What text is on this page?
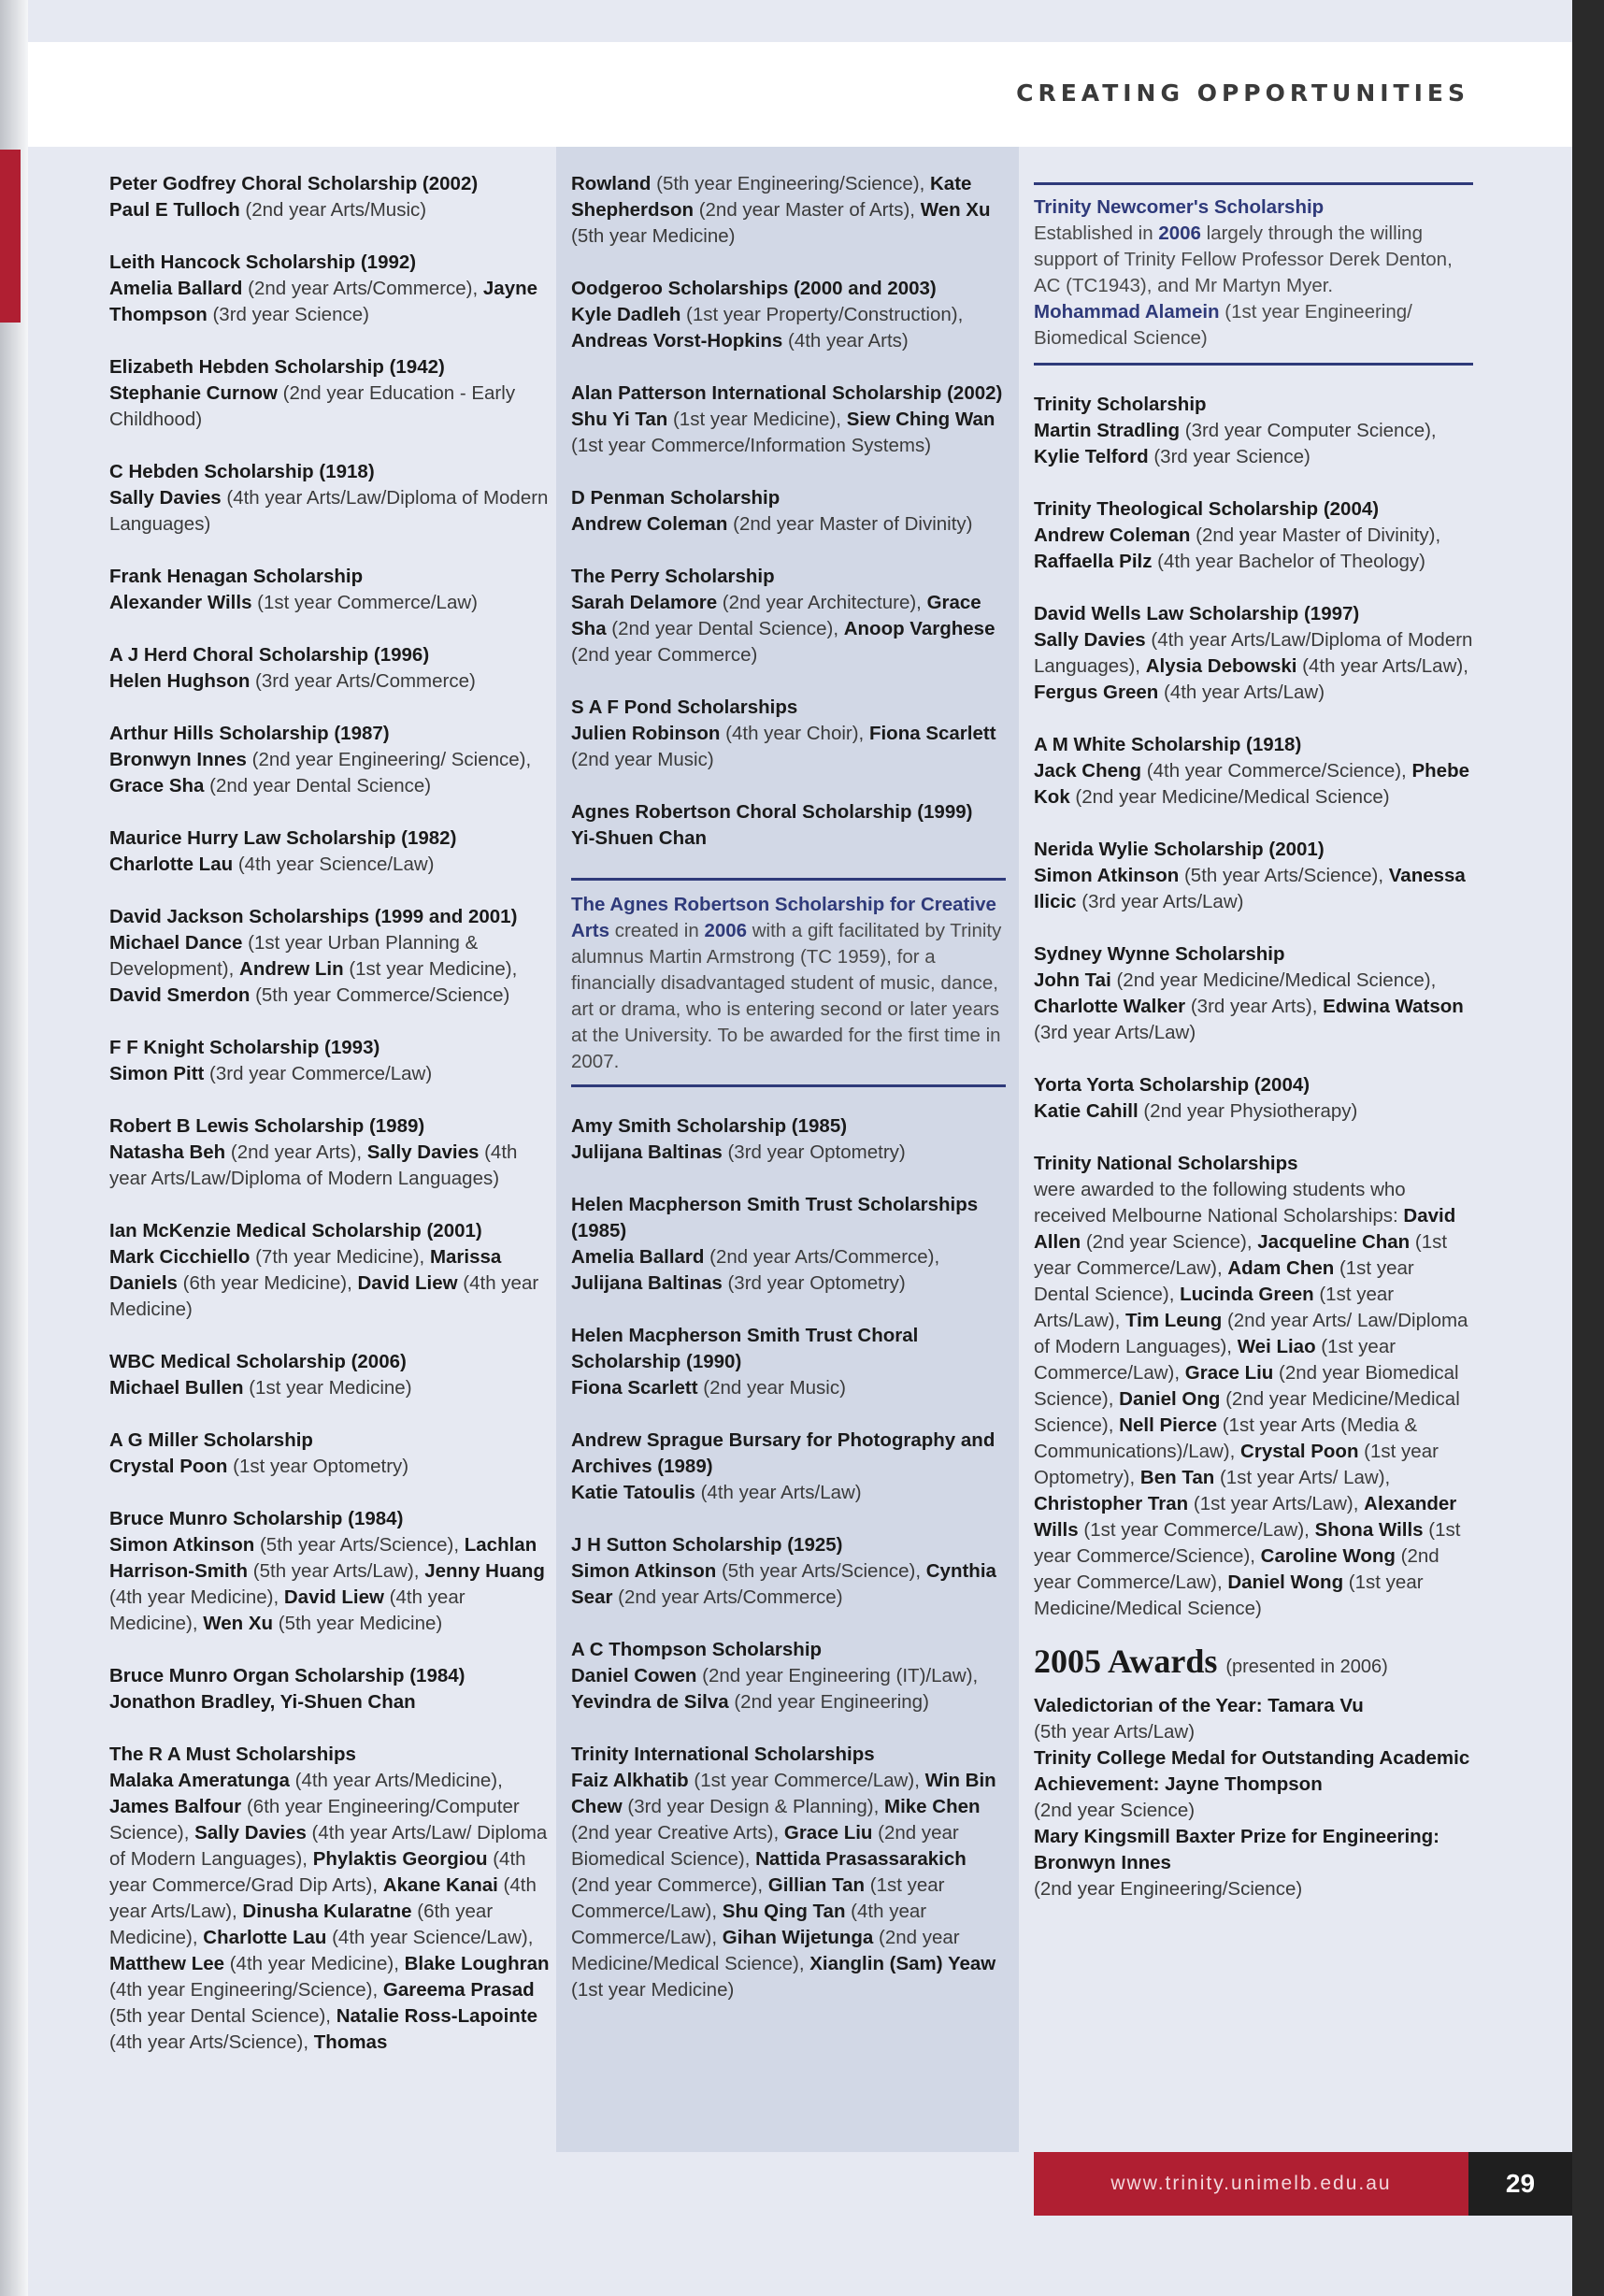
CREATING OPPORTUNITIES
Peter Godfrey Choral Scholarship (2002)
Paul E Tulloch (2nd year Arts/Music)
Leith Hancock Scholarship (1992)
Amelia Ballard (2nd year Arts/Commerce), Jayne Thompson (3rd year Science)
Elizabeth Hebden Scholarship (1942)
Stephanie Curnow (2nd year Education - Early Childhood)
C Hebden Scholarship (1918)
Sally Davies (4th year Arts/Law/Diploma of Modern Languages)
Frank Henagan Scholarship
Alexander Wills (1st year Commerce/Law)
A J Herd Choral Scholarship (1996)
Helen Hughson (3rd year Arts/Commerce)
Arthur Hills Scholarship (1987)
Bronwyn Innes (2nd year Engineering/ Science), Grace Sha (2nd year Dental Science)
Maurice Hurry Law Scholarship (1982)
Charlotte Lau (4th year Science/Law)
David Jackson Scholarships (1999 and 2001)
Michael Dance (1st year Urban Planning & Development), Andrew Lin (1st year Medicine), David Smerdon (5th year Commerce/Science)
F F Knight Scholarship (1993)
Simon Pitt (3rd year Commerce/Law)
Robert B Lewis Scholarship (1989)
Natasha Beh (2nd year Arts), Sally Davies (4th year Arts/Law/Diploma of Modern Languages)
Ian McKenzie Medical Scholarship (2001)
Mark Cicchiello (7th year Medicine), Marissa Daniels (6th year Medicine), David Liew (4th year Medicine)
WBC Medical Scholarship (2006)
Michael Bullen (1st year Medicine)
A G Miller Scholarship
Crystal Poon (1st year Optometry)
Bruce Munro Scholarship (1984)
Simon Atkinson (5th year Arts/Science), Lachlan Harrison-Smith (5th year Arts/Law), Jenny Huang (4th year Medicine), David Liew (4th year Medicine), Wen Xu (5th year Medicine)
Bruce Munro Organ Scholarship (1984)
Jonathon Bradley, Yi-Shuen Chan
The R A Must Scholarships
Malaka Ameratunga (4th year Arts/Medicine), James Balfour (6th year Engineering/Computer Science), Sally Davies (4th year Arts/Law/ Diploma of Modern Languages), Phylaktis Georgiou (4th year Commerce/Grad Dip Arts), Akane Kanai (4th year Arts/Law), Dinusha Kularatne (6th year Medicine), Charlotte Lau (4th year Science/Law), Matthew Lee (4th year Medicine), Blake Loughran (4th year Engineering/Science), Gareema Prasad (5th year Dental Science), Natalie Ross-Lapointe (4th year Arts/Science), Thomas
Rowland (5th year Engineering/Science), Kate Shepherdson (2nd year Master of Arts), Wen Xu (5th year Medicine)
Oodgeroo Scholarships (2000 and 2003)
Kyle Dadleh (1st year Property/Construction), Andreas Vorst-Hopkins (4th year Arts)
Alan Patterson International Scholarship (2002)
Shu Yi Tan (1st year Medicine), Siew Ching Wan (1st year Commerce/Information Systems)
D Penman Scholarship
Andrew Coleman (2nd year Master of Divinity)
The Perry Scholarship
Sarah Delamore (2nd year Architecture), Grace Sha (2nd year Dental Science), Anoop Varghese (2nd year Commerce)
S A F Pond Scholarships
Julien Robinson (4th year Choir), Fiona Scarlett (2nd year Music)
Agnes Robertson Choral Scholarship (1999)
Yi-Shuen Chan
The Agnes Robertson Scholarship for Creative Arts created in 2006 with a gift facilitated by Trinity alumnus Martin Armstrong (TC 1959), for a financially disadvantaged student of music, dance, art or drama, who is entering second or later years at the University. To be awarded for the first time in 2007.
Amy Smith Scholarship (1985)
Julijana Baltinas (3rd year Optometry)
Helen Macpherson Smith Trust Scholarships (1985)
Amelia Ballard (2nd year Arts/Commerce), Julijana Baltinas (3rd year Optometry)
Helen Macpherson Smith Trust Choral Scholarship (1990)
Fiona Scarlett (2nd year Music)
Andrew Sprague Bursary for Photography and Archives (1989)
Katie Tatoulis (4th year Arts/Law)
J H Sutton Scholarship (1925)
Simon Atkinson (5th year Arts/Science), Cynthia Sear (2nd year Arts/Commerce)
A C Thompson Scholarship
Daniel Cowen (2nd year Engineering (IT)/Law), Yevindra de Silva (2nd year Engineering)
Trinity International Scholarships
Faiz Alkhatib (1st year Commerce/Law), Win Bin Chew (3rd year Design & Planning), Mike Chen (2nd year Creative Arts), Grace Liu (2nd year Biomedical Science), Nattida Prasassarakich (2nd year Commerce), Gillian Tan (1st year Commerce/Law), Shu Qing Tan (4th year Commerce/Law), Gihan Wijetunga (2nd year Medicine/Medical Science), Xianglin (Sam) Yeaw (1st year Medicine)
Trinity Newcomer's Scholarship
Established in 2006 largely through the willing support of Trinity Fellow Professor Derek Denton, AC (TC1943), and Mr Martyn Myer.
Mohammad Alamein (1st year Engineering/ Biomedical Science)
Trinity Scholarship
Martin Stradling (3rd year Computer Science), Kylie Telford (3rd year Science)
Trinity Theological Scholarship (2004)
Andrew Coleman (2nd year Master of Divinity), Raffaella Pilz (4th year Bachelor of Theology)
David Wells Law Scholarship (1997)
Sally Davies (4th year Arts/Law/Diploma of Modern Languages), Alysia Debowski (4th year Arts/Law), Fergus Green (4th year Arts/Law)
A M White Scholarship (1918)
Jack Cheng (4th year Commerce/Science), Phebe Kok (2nd year Medicine/Medical Science)
Nerida Wylie Scholarship (2001)
Simon Atkinson (5th year Arts/Science), Vanessa Ilicic (3rd year Arts/Law)
Sydney Wynne Scholarship
John Tai (2nd year Medicine/Medical Science), Charlotte Walker (3rd year Arts), Edwina Watson (3rd year Arts/Law)
Yorta Yorta Scholarship (2004)
Katie Cahill (2nd year Physiotherapy)
Trinity National Scholarships
were awarded to the following students who received Melbourne National Scholarships: David Allen (2nd year Science), Jacqueline Chan (1st year Commerce/Law), Adam Chen (1st year Dental Science), Lucinda Green (1st year Arts/Law), Tim Leung (2nd year Arts/ Law/Diploma of Modern Languages), Wei Liao (1st year Commerce/Law), Grace Liu (2nd year Biomedical Science), Daniel Ong (2nd year Medicine/Medical Science), Nell Pierce (1st year Arts (Media & Communications)/Law), Crystal Poon (1st year Optometry), Ben Tan (1st year Arts/ Law), Christopher Tran (1st year Arts/Law), Alexander Wills (1st year Commerce/Law), Shona Wills (1st year Commerce/Science), Caroline Wong (2nd year Commerce/Law), Daniel Wong (1st year Medicine/Medical Science)
2005 Awards (presented in 2006)
Valedictorian of the Year: Tamara Vu
(5th year Arts/Law)
Trinity College Medal for Outstanding Academic Achievement: Jayne Thompson
(2nd year Science)
Mary Kingsmill Baxter Prize for Engineering: Bronwyn Innes
(2nd year Engineering/Science)
www.trinity.unimelb.edu.au	29
